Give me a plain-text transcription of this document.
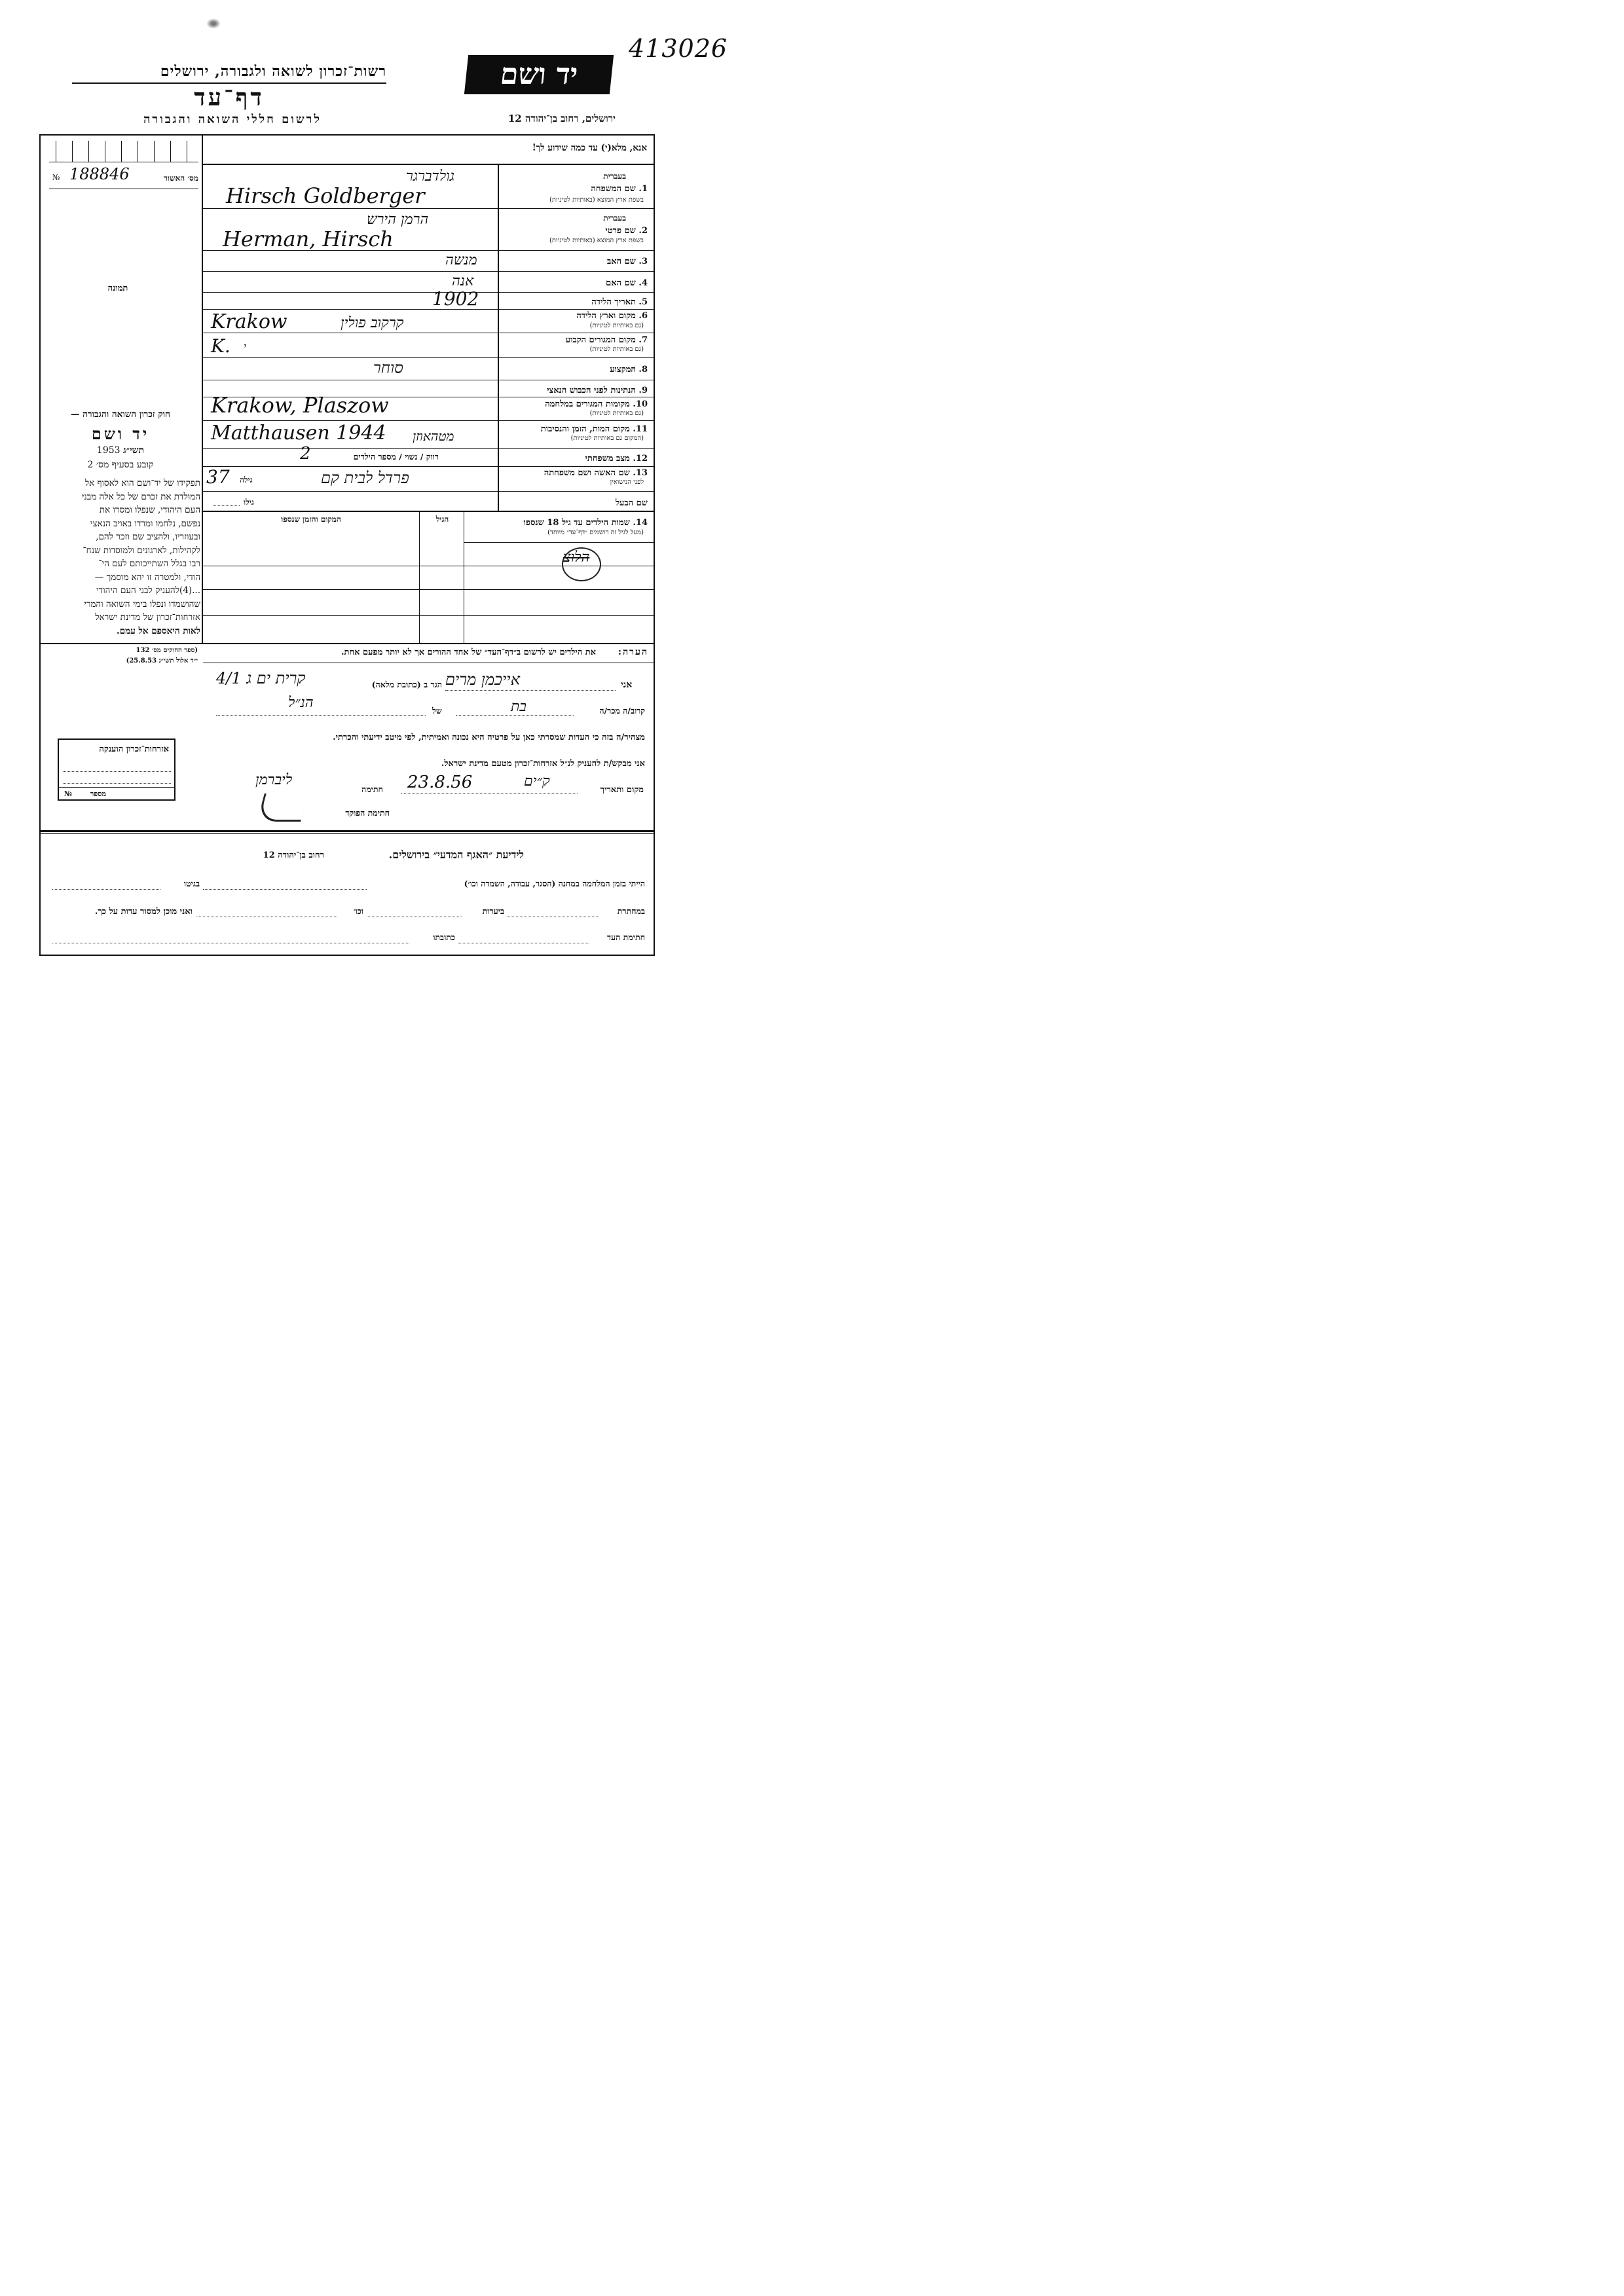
413026
רשות־זכרון לשואה ולגבורה, ירושלים
דף־עד
לרשום חללי השואה והגבורה
יד ושם
ירושלים, רחוב בן־יהודה 12
№ 188846	מס׳ האשור
תמונה
חוק זכרון השואה והגבורה —
יד ושם
1953 תשי״ג
קובע בסעיף מס׳ 2
תפקידו של יד־ושם הוא לאסוף אל
המולדת את זכרם של כל אלה מבני
העם היהודי, שנפלו ומסרו את
נפשם, נלחמו ומרדו באויב הנאצי
ובעוזריו, ולהציב שם וזכר להם,
לקהילות, לארגונים ולמוסדות שנח־
רבו בגלל השתייכותם לעם הי־
הודי, ולמטרה זו יהא מוסמך —
...(4)להעניק לבני העם היהודי
שהושמדו ונפלו בימי השואה והמרי
אזרחות־זכרון של מדינת ישראל
לאות היאספם אל עמם.
(ספר החוקים מס׳ 132
י״ד אלול תשי״ג 25.8.53)
אזרחות־זכרון הוענקה
№	מספר
אנא, מלא(י) עד כמה שידוע לך!
בעברית
1. שם המשפחה
בשפת ארץ המוצא (באותיות לטיניות)
גולדברגר
Hirsch Goldberger
בעברית
2. שם פרטי
בשפת ארץ המוצא (באותיות לטיניות)
הרמן הירש
Herman, Hirsch
3. שם האב
מנשה
4. שם האם
אנה
5. תאריך הלידה
1902
6. מקום וארץ הלידה
(גם באותיות לטיניות)
Krakow	קרקוב פולין
7. מקום המגורים הקבוע
(גם באותיות לטיניות)
K. י
8. המקצוע
סוחר
9. הנתינות לפני הכבוש הנאצי
10. מקומות המגורים במלחמה
(גם באותיות לטיניות)
Krakow, Plaszow
11. מקום המות, הזמן והנסיבות
(המקום גם באותיות לטיניות)
Matthausen 1944 מטהאוזן
12. מצב משפחתי
רווק / נשוי / מספר הילדים
2
13. שם האשה ושם משפחתה
לפני הנישואין
37 גילה	פרדל לבית קם
שם הבעל
גילו
14. שמות הילדים עד גיל 18 שנספו
(מעל לגיל זה רושמים ״דף־עד״ מיוחד)
הגיל
המקום והזמן שנספו
הלוצ
הערה:
את הילדים יש לרשום ב״דף־העד״ של אחד ההורים אך לא יותר מפעם אחת.
אני
אייכמן מרים
הגר ב (כתובת מלאה)
קרית ים ג 4/1
קרוב/ה מכר/ה
בת
של
הנ״ל
מצהיר/ה בזה כי העדות שמסרתי כאן על פרטיה היא נכונה ואמיתית, לפי מיטב ידיעתי והכרתי.
אני מבקש/ת להעניק לנ״ל אזרחות־זכרון מטעם מדינת ישראל.
מקום ותאריך
ק״ים
23.8.56
חתימה
ליברמן
חתימת הפוקד
לידיעת ״האגף המדעי״ בירושלים.
רחוב בן־יהודה 12
הייתי בזמן המלחמה במחנה (הסגר, עבודה, השמדה וכו׳)
בגיטו
במחתרת
ביערות
וכו׳
ואני מוכן למסור עדות על כך.
חתימת העד
כתובתו
